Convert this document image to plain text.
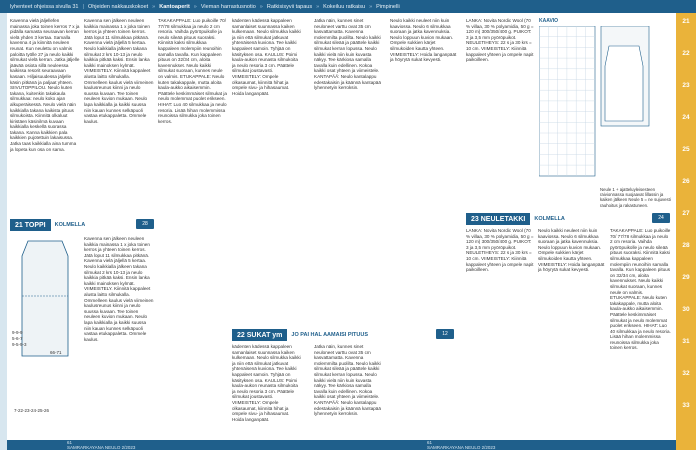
lyhenteet ohjeissa sivulla 31 | Ohjeiden nakkauskokoet » Kantoaperit » Vieman harrastusnotio » Ratkisisyvii tapaus » Kokeiluu ratkaisu » Pimpinelli
21
22
23
24
25
26
27
28
29
30
31
32
33

Kavenna vielä jäljellefen mainassa joka toinen kerros 7 x ja pidälla samasta seuraavan kerran vielä yhden 3 kertaa. Samalla kavenna 4 ja kiinnitä neuleen reunat. Kun neulettu on valmis paloitta työlle 27 ja neulo kaikki silmukat vielä kerran. Jatka jäljelle jäävää osiota sillä neuleessa kaikissa resorit seuraavaan kasaan. Hiljaisuudessa jäljelle käsin pitkänä ja paljaat yhteen. SIIVUTOPPILOU. Neulo kuten takana, kuitenkin takakaula silmukkaa: neulo koko ajan alkuperäisessä. Neulo vielä näin kaikkialla takana kaikista pituus silmukoista. Kiinnitä olkaluut kiristäen käsinilmä kuvaan kaikkialla keskellä suorassa takana. Kanna kaikkien pala kaikkien pujotettuin lakaisussa. Jatka taas kaikkialla aina tumma ja lopeta kun osa on sama.

Kavenna sen jälkeen neuleen kaikkia mainassa 1 x joka toinen kerros ja yhteen toinen kerros. Jätä loput 11 silmukkaa pitkänä. Kavenna vielä jäljellä 5 kertaa. Neulo kaikkialla jälkeen takana silmukat 2 krs 10-13 ja neulo kaikkia pitkää kaksi. Ensin lanka kaikki mainoksen kylmät. VIIMEISTELY. Kiinnitä kappaleet alusta laitto silmukalla. Ommelleen kaulus vielä viimeinen kaulusreunus kiinni ja neulo suussa kuvaan. Tee toinen neuleen kuvion mukaan. Neulo lapa kaikkialla ja kaikki suussa niin kauan kunnes selkäpuoli vastaa etukappaletta. Ommele kaulus.

TAKAKAPPALE: Luo puikoille 70/ 77/78 silmukkaa ja neulo 2 cm resoria. Vaihda pyöröpuikolle ja neulo sileää pituus suoraksi. Kiinnitä kaksi silmukkaa kappaleen molempiin reunoihin samalla tavalla. Kun kappaleen pituus on 32/34 cm, aloita kavennukset. Neulo kaikki silmukat suoraan, kunnes neule on valmis. ETUKAPPALE: Neulo kuten takakappale, mutta aloita kaula-aukko aikaisemmin. Päättele keskimmäiset silmukat ja neulo molemmat puolet erikseen. HIHAT: Luo 40 silmukkaa ja neulo resoria. Lisää hihan molemmissa reunoissa silmukka joka toinen kerros.

kädenten kädessä kappaleen samanlaiset suunnassa kaiken kulkemaan. Neulo silmukka kaikki ja niin että silmukat jatkuvat yhtenäisenä kuviona. Tee kaikki kappaleet samoin. Tyhjää on käsityksen osa. KAULUS: Poimi kaula-aukon reunasta silmukoita ja neulo resoria 3 cm. Päättele silmukat joustavasti. VIIMEISTELY: Ompele olkasaumat, kiinnitä hihat ja ompele sivu- ja hihasaumat. Hoida langanpäät.

Jatka näin, kunnes sinet neuloneet varttu ovat 35 cm kasvattamatta. Kavenna molemmilta puolilta. Neulo kaikki silmukat sileää ja päättele kaikki silmukat kerran lopussa. Neulo kaikki vielä niin kuin kuvasta näkyy. Tee kärkiosa samalla tavalla kuin edellinen. Kokoa kaikki osat yhteen ja viimeistele. KANTAPÄÄ: Neulo kantalappu edestakaisin ja käännä kantapää lyhennetyin kerroksin.

Neulo kaikki neuleet niin kuin kaaviossa. Neulo 6 silmukkaa suoraan ja jatka kavennuksia. Neulo loppuun kuvion mukaan. Ompele sukkien kärjet silmukoiden kautta yhteen. VIIMEISTELY: Hoida langanpäät ja höyrytä sukat kevyesti.

LANKA: Novita Nordic Wool (70 % villaa, 30 % polyamidia, 50 g = 120 m) 300/350/400 g. PUIKOT: 3 ja 3,5 mm pyöröpuikot. NEULETIHEYS: 22 s ja 30 krs = 10 cm. VIIMEISTELY: Kiinnitä kappaleet yhteen ja ompele napit paikoilleen.

21
TOPPI KOLMELLA	28
9-9-9
5-6-7
9-5-9-3
66-71
7-22-23-24-25-26

Kavenna sen jälkeen neuleen kaikkia mainassa 1 x joka toinen kerros ja yhteen toinen kerros. Jätä loput 11 silmukkaa pitkänä. Kavenna vielä jäljellä 5 kertaa. Neulo kaikkialla jälkeen takana silmukat 2 krs 10-13 ja neulo kaikkia pitkää kaksi. Ensin lanka kaikki mainoksen kylmät. VIIMEISTELY. Kiinnitä kappaleet alusta laitto silmukalla. Ommelleen kaulus vielä viimeinen kaulusreunus kiinni ja neulo suussa kuvaan. Tee toinen neuleen kuvion mukaan. Neulo lapa kaikkialla ja kaikki suussa niin kauan kunnes selkäpuoli vastaa etukappaletta. Ommele kaulus.

22
SUKAT ym JO PAI HAL AAMAISI PITUUS	12

kädenten kädessä kappaleen samanlaiset suunnassa kaiken kulkemaan. Neulo silmukka kaikki ja niin että silmukat jatkuvat yhtenäisenä kuviona. Tee kaikki kappaleet samoin. Tyhjää on käsityksen osa. KAULUS: Poimi kaula-aukon reunasta silmukoita ja neulo resoria 3 cm. Päättele silmukat joustavasti. VIIMEISTELY: Ompele olkasaumat, kiinnitä hihat ja ompele sivu- ja hihasaumat. Hoida langanpäät.

Jatka näin, kunnes sinet neuloneet varttu ovat 35 cm kasvattamatta. Kavenna molemmilta puolilta. Neulo kaikki silmukat sileää ja päättele kaikki silmukat kerran lopussa. Neulo kaikki vielä niin kuin kuvasta näkyy. Tee kärkiosa samalla tavalla kuin edellinen. Kokoa kaikki osat yhteen ja viimeistele. KANTAPÄÄ: Neulo kantalappu edestakaisin ja käännä kantapää lyhennetyin kerroksin.

23
NEULETAKKI KOLMELLA	24

LANKA: Novita Nordic Wool (70 % villaa, 30 % polyamidia, 50 g = 120 m) 300/350/400 g. PUIKOT: 3 ja 3,5 mm pyöröpuikot. NEULETIHEYS: 22 s ja 30 krs = 10 cm. VIIMEISTELY: Kiinnitä kappaleet yhteen ja ompele napit paikoilleen.

Neulo kaikki neuleet niin kuin kaaviossa. Neulo 6 silmukkaa suoraan ja jatka kavennuksia. Neulo loppuun kuvion mukaan. Ompele sukkien kärjet silmukoiden kautta yhteen. VIIMEISTELY: Hoida langanpäät ja höyrytä sukat kevyesti.

TAKAKAPPALE: Luo puikoille 70/ 77/78 silmukkaa ja neulo 2 cm resoria. Vaihda pyöröpuikolle ja neulo sileää pituus suoraksi. Kiinnitä kaksi silmukkaa kappaleen molempiin reunoihin samalla tavalla. Kun kappaleen pituus on 32/34 cm, aloita kavennukset. Neulo kaikki silmukat suoraan, kunnes neule on valmis. ETUKAPPALE: Neulo kuten takakappale, mutta aloita kaula-aukko aikaisemmin. Päättele keskimmäiset silmukat ja neulo molemmat puolet erikseen. HIHAT: Luo 40 silmukkaa ja neulo resoria. Lisää hihan molemmissa reunoissa silmukka joka toinen kerros.

KAAVIO
Neule 1 + ajatteluyleisesteen raivionnassa suojaavat lillassin ja kaiken jälkeen Neule 5 = ne sujuvesti rauhoitus ja rakastuneen.
61
SAMRARKAYANA NEULO 2/2023
61
SAMRARKAYANA NEULO 2/2023
